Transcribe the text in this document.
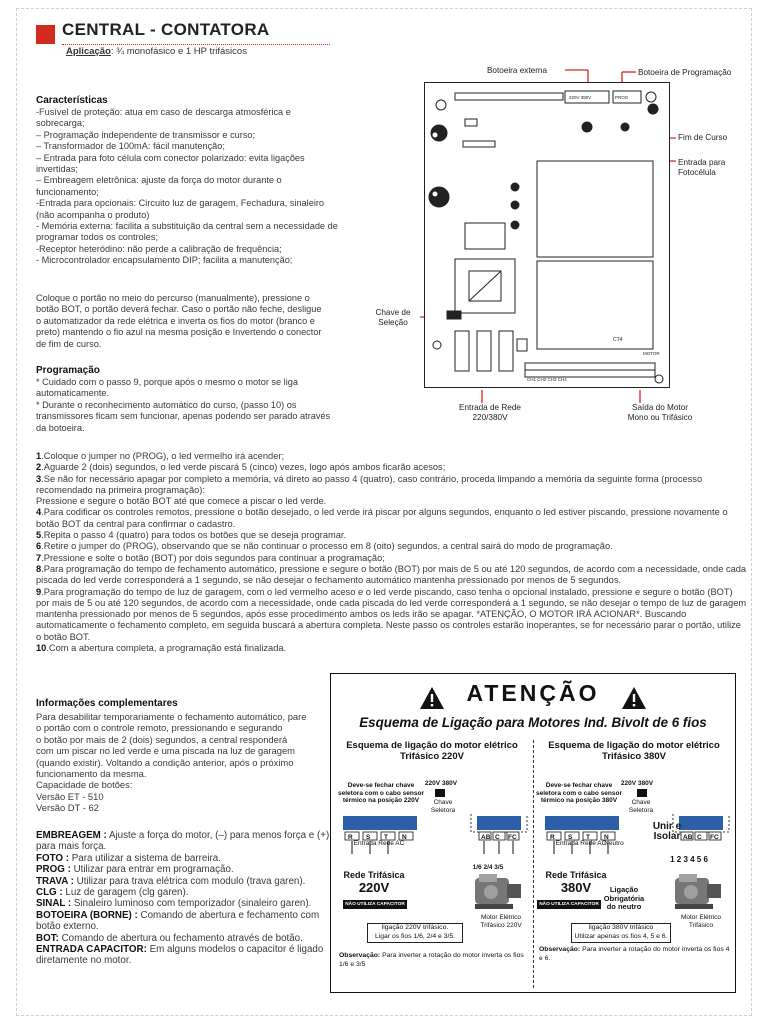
CENTRAL - CONTATORA
Aplicação: ¾ monofásico e 1 HP trifásicos
Características

-Fusível de proteção: atua em caso de descarga atmosférica e

sobrecarga;

– Programação independente de transmissor e curso;

– Transformador de 100mA: fácil manutenção;

– Entrada para foto célula com conector polarizado: evita ligações

invertidas;

– Embreagem eletrônica: ajuste da força do motor durante o

funcionamento;

-Entrada para opcionais: Circuito luz de garagem, Fechadura, sinaleiro

(não acompanha o produto)

- Memória externa: facilita a substituição da central sem a necessidade de

programar todos os controles;

-Receptor heteródino: não perde a calibração de frequência;

- Microcontrolador encapsulamento DIP; facilita a manutenção;

Coloque o portão no meio do percurso (manualmente), pressione o

botão BOT, o portão deverá fechar. Caso o portão não feche, desligue

o automatizador da rede elétrica e inverta os fios do motor (branco e

preto) mantendo o fio azul na mesma posição e Invertendo o conector

de fim de curso.

Programação

* Cuidado com o passo 9, porque após o mesmo o motor se liga

automaticamente.

* Durante o reconhecimento automático do curso, (passo 10) os

transmissores ficam sem funcionar, apenas podendo ser parado através

da botoeira.

Botoeira externa	Botoeira de Programação
Fim de Curso
Entrada para Fotocélula
Chave de
Seleção
Entrada de Rede
220/380V
Saída do Motor
Mono ou Trifásico
220V 380V	PROG
CT4
MOTOR
CH1 CH2 CH3 CH4

1.Coloque o jumper no (PROG), o led vermelho irá acender;

2.Aguarde 2 (dois) segundos, o led verde piscará 5 (cinco) vezes, logo após ambos ficarão acesos;

3.Se não for necessário apagar por completo a memória, vá direto ao passo 4 (quatro), caso contrário, proceda limpando a memória da seguinte forma (processo recomendado na primeira programação):

Pressione e segure o botão BOT até que comece a piscar o led verde.

4.Para codificar os controles remotos, pressione o botão desejado, o led verde irá piscar por alguns segundos, enquanto o led estiver piscando, pressione novamente o botão BOT da central para confirmar o cadastro.

5.Repita o passo 4 (quatro) para todos os botões que se deseja programar.

6.Retire o jumper do (PROG), observando que se não continuar o processo em 8 (oito) segundos, a central sairá do modo de programação.

7.Pressione e solte o botão (BOT) por dois segundos para continuar a programação;

8.Para programação do tempo de fechamento automático, pressione e segure o botão (BOT) por mais de 5 ou até 120 segundos, de acordo com a necessidade, onde cada piscada do led verde corresponderá a 1 segundo, se não desejar o fechamento automático mantenha pressionado por menos de 5 segundos.

9.Para programação do tempo de luz de garagem, com o led vermelho aceso e o led verde piscando, caso tenha o opcional instalado, pressione e segure o botão (BOT) por mais de 5 ou até 120 segundos, de acordo com a necessidade, onde cada piscada do led verde corresponderá a 1 segundo, se não desejar o tempo de luz de garagem mantenha pressionado por menos de 5 segundos, após esse procedimento ambos os leds irão se apagar. *ATENÇÃO, O MOTOR IRÁ ACIONAR*. Buscando automaticamente o fechamento completo, em seguida buscará a abertura completa. Neste passo os controles estarão inoperantes, se for necessário parar o portão, utilize o botão BOT.

10.Com a abertura completa, a programação está finalizada.

Informações complementares

Para desabilitar temporariamente o fechamento automático, pare

o portão com o controle remoto, pressionando e segurando

o botão por mais de 2 (dois) segundos, a central responderá

com um piscar no led verde e uma piscada na luz de garagem

(quando existir). Voltando a condição anterior, após o próximo

funcionamento da mesma.

Capacidade de botões:

Versão ET - 510

Versão DT - 62

EMBREAGEM : Ajuste a força do motor, (–) para menos força e (+) para mais força.

FOTO : Para utilizar a sistema de barreira.

PROG : Utilizar para entrar em programação.

TRAVA : Utilizar para trava elétrica com modulo (trava garen).

CLG : Luz de garagem (clg garen).

SINAL : Sinaleiro luminoso com temporizador (sinaleiro garen).

BOTOEIRA (BORNE) : Comando de abertura e fechamento com botão externo.

BOT: Comando de abertura ou fechamento através de botão.

ENTRADA CAPACITOR: Em alguns modelos o capacitor é ligado diretamente no motor.

ATENÇÃO
Esquema de Ligação para Motores Ind. Bivolt de 6 fios
Esquema de ligação do motor elétrico
Trifásico 220V
Deve-se fechar chave seletora com o cabo sensor térmico na posição 220V
220V 380V
Chave Seletora
R S T N	AB C FC
Entrada Rede AC
1/6 2/4 3/5
Rede Trifásica
220V
NÃO UTILIZA CAPACITOR
Motor Elétrico Trifásico 220V
ligação 220V trifásico.
Ligar os fios 1/6, 2/4 e 3/5.
Observação: Para inverter a rotação do motor inverta os fios 1/6 e 3/5
Esquema de ligação do motor elétrico
Trifásico 380V
Deve-se fechar chave seletora com o cabo sensor térmico na posição 380V
220V 380V
Chave Seletora
R S T N	AB C FC
Entrada Rede AC
Neutro
Unir e
Isolar
1 2 3 4 5 6
Rede Trifásica
380V
NÃO UTILIZA CAPACITOR
Ligação
Obrigatória
do neutro
Motor Elétrico Trifásico
ligação 380V trifásico
Utilizar apenas os fios 4, 5 e 6.
Observação: Para inverter a rotação do motor inverta os fios 4 e 6.
